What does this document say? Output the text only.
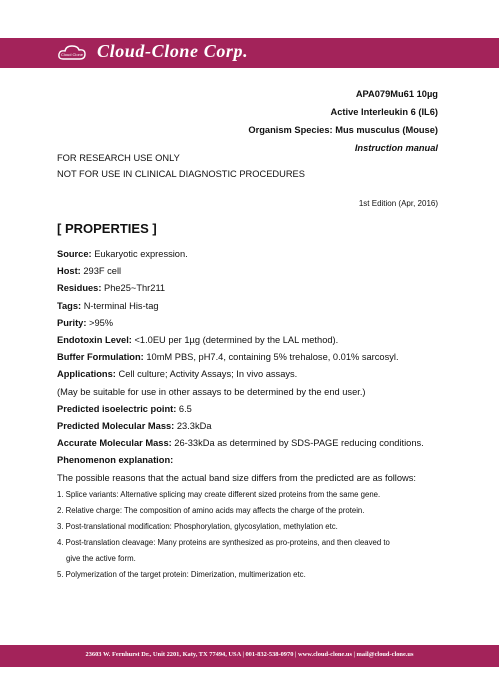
Cloud Clone Cloud-Clone Corp.
APA079Mu61 10µg
Active Interleukin 6 (IL6)
Organism Species: Mus musculus (Mouse)
Instruction manual
FOR RESEARCH USE ONLY
NOT FOR USE IN CLINICAL DIAGNOSTIC PROCEDURES
1st Edition (Apr, 2016)
[ PROPERTIES ]

Source: Eukaryotic expression.

Host: 293F cell

Residues: Phe25~Thr211

Tags: N-terminal His-tag

Purity: >95%

Endotoxin Level: <1.0EU per 1µg (determined by the LAL method).

Buffer Formulation: 10mM PBS, pH7.4, containing 5% trehalose, 0.01% sarcosyl.

Applications: Cell culture; Activity Assays; In vivo assays.

(May be suitable for use in other assays to be determined by the end user.)

Predicted isoelectric point: 6.5

Predicted Molecular Mass: 23.3kDa

Accurate Molecular Mass: 26-33kDa as determined by SDS-PAGE reducing conditions.

Phenomenon explanation:

The possible reasons that the actual band size differs from the predicted are as follows:

1. Splice variants: Alternative splicing may create different sized proteins from the same gene.

2. Relative charge: The composition of amino acids may affects the charge of the protein.

3. Post-translational modification: Phosphorylation, glycosylation, methylation etc.

4. Post-translation cleavage: Many proteins are synthesized as pro-proteins, and then cleaved to

give the active form.

5. Polymerization of the target protein: Dimerization, multimerization etc.

23603 W. Fernhurst Dr., Unit 2201, Katy, TX 77494, USA | 001-832-538-0970 | www.cloud-clone.us | mail@cloud-clone.us
